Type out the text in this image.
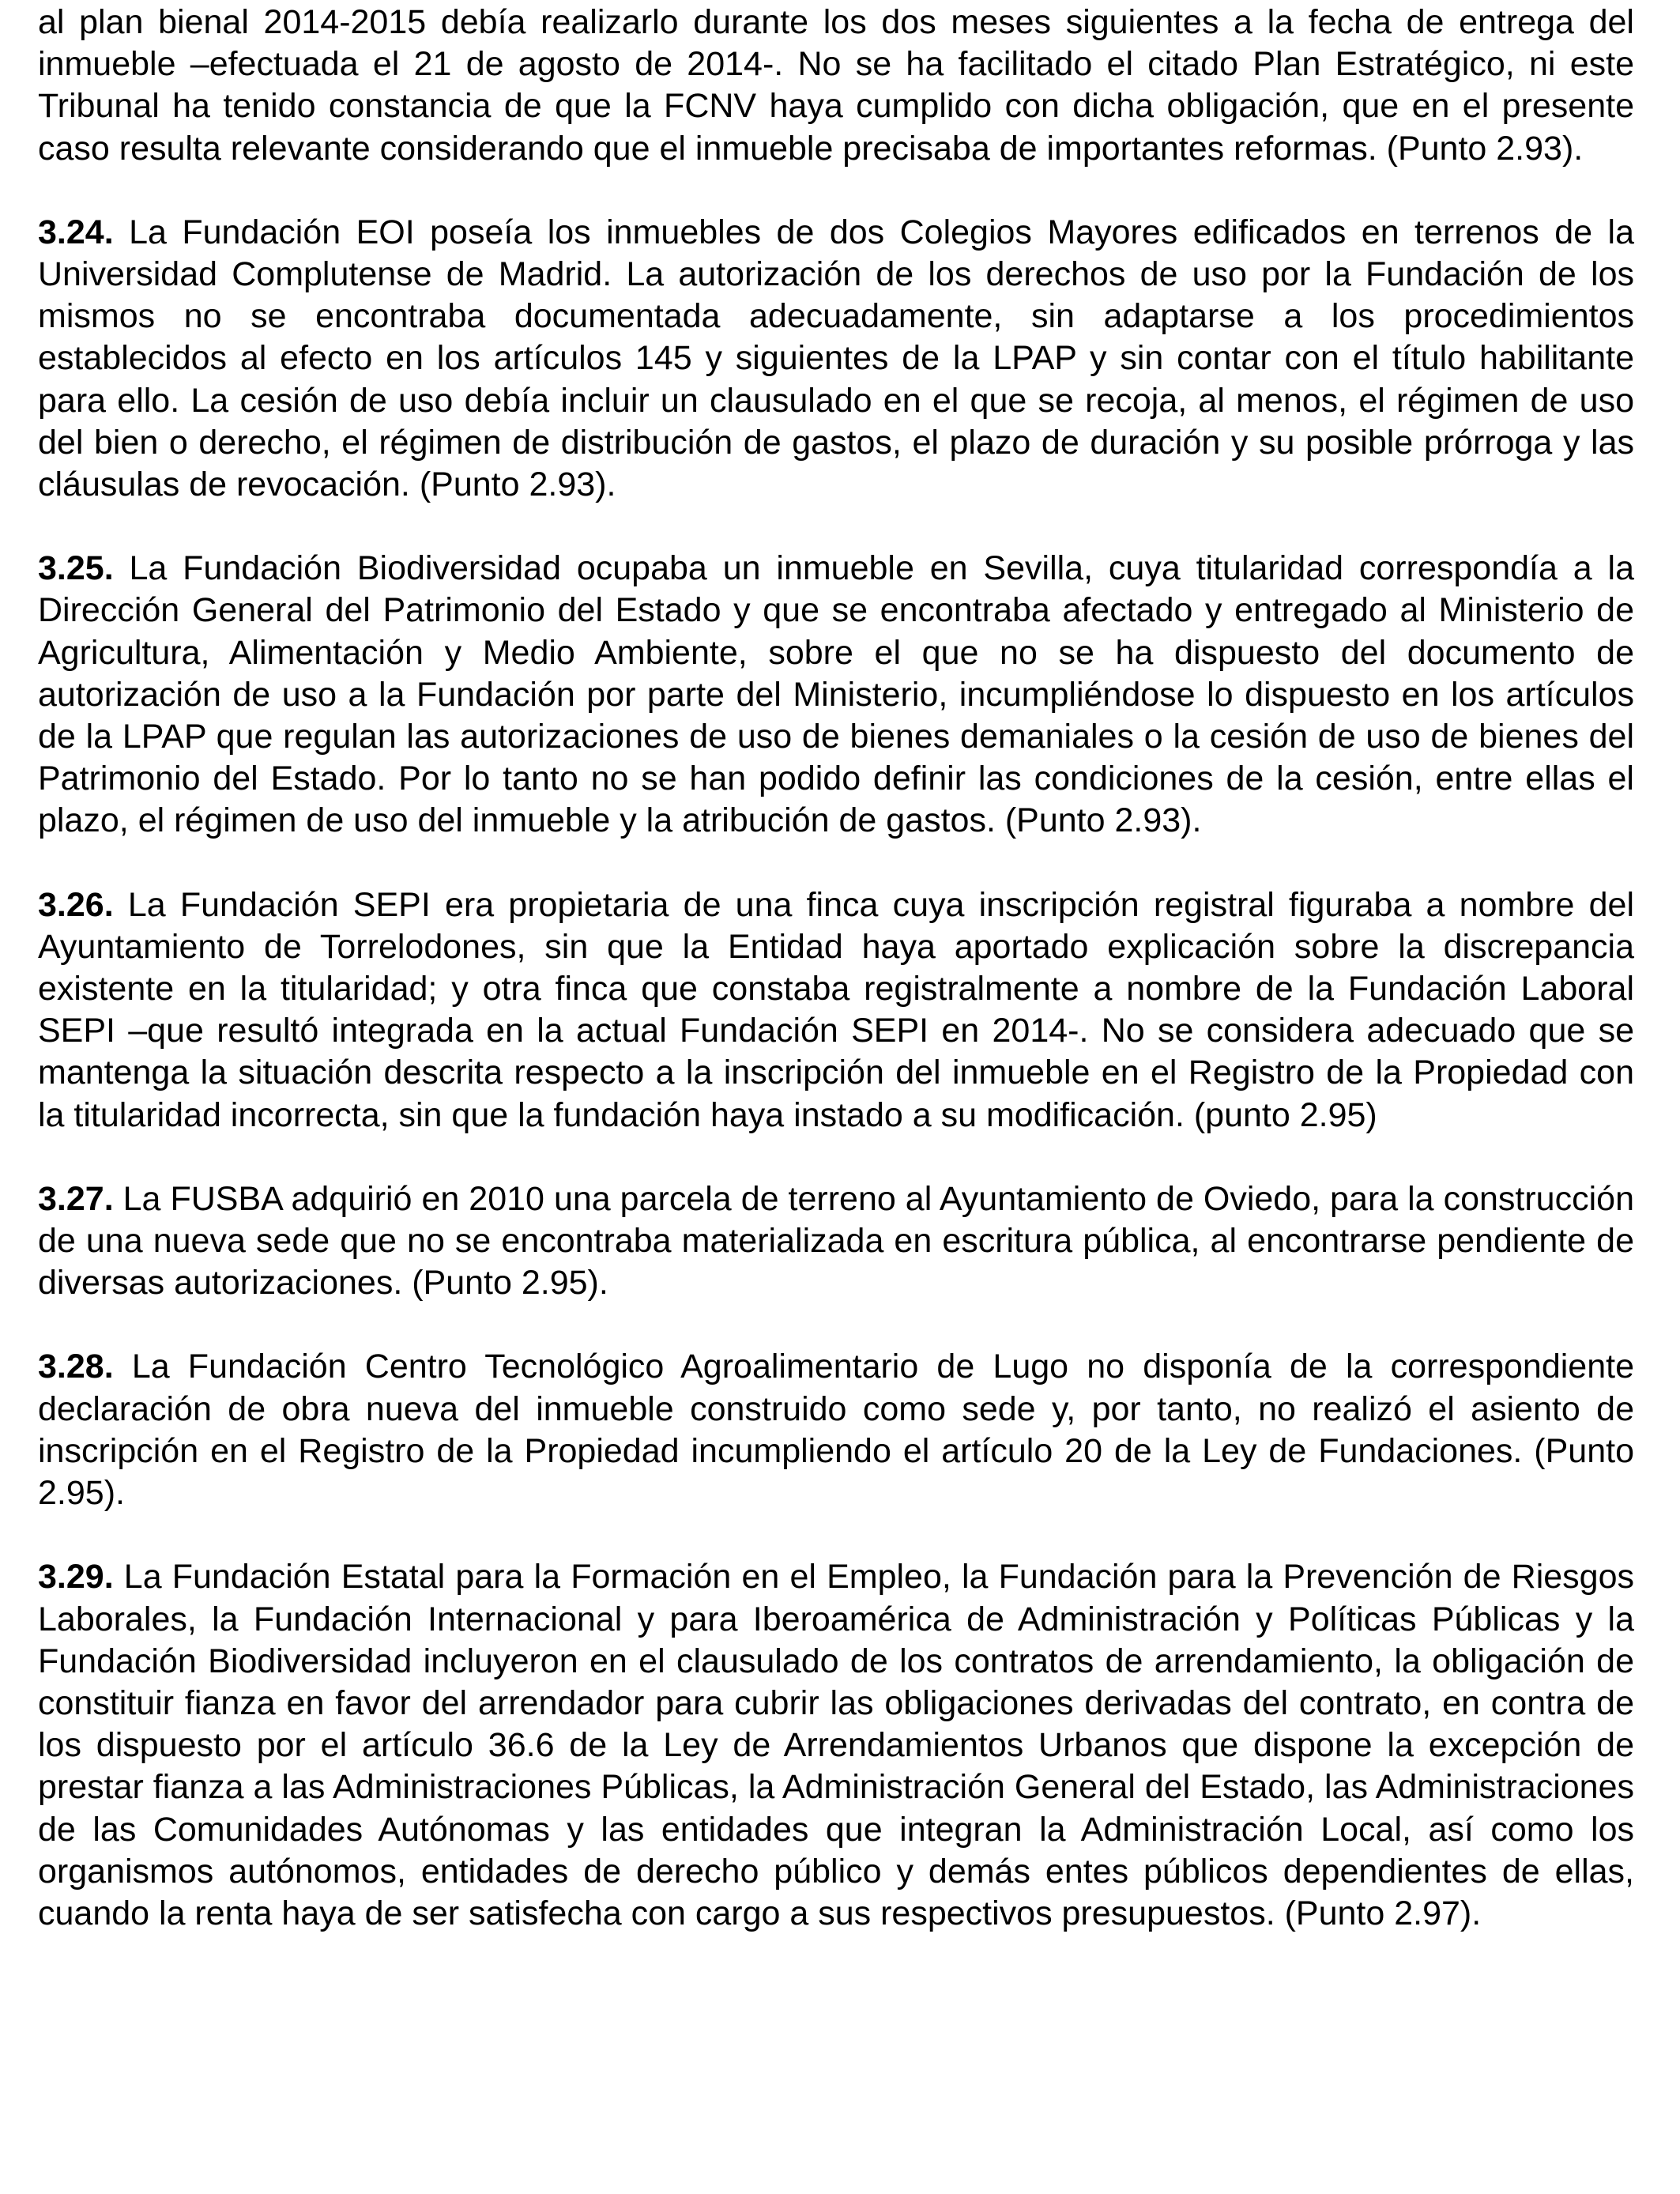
al plan bienal 2014-2015 debía realizarlo durante los dos meses siguientes a la fecha de entrega del inmueble –efectuada el 21 de agosto de 2014-. No se ha facilitado el citado Plan Estratégico, ni este Tribunal ha tenido constancia de que la FCNV haya cumplido con dicha obligación, que en el presente caso resulta relevante considerando que el inmueble precisaba de importantes reformas. (Punto 2.93).

3.24. La Fundación EOI poseía los inmuebles de dos Colegios Mayores edificados en terrenos de la Universidad Complutense de Madrid. La autorización de los derechos de uso por la Fundación de los mismos no se encontraba documentada adecuadamente, sin adaptarse a los procedimientos establecidos al efecto en los artículos 145 y siguientes de la LPAP y sin contar con el título habilitante para ello. La cesión de uso debía incluir un clausulado en el que se recoja, al menos, el régimen de uso del bien o derecho, el régimen de distribución de gastos, el plazo de duración y su posible prórroga y las cláusulas de revocación. (Punto 2.93).

3.25. La Fundación Biodiversidad ocupaba un inmueble en Sevilla, cuya titularidad correspondía a la Dirección General del Patrimonio del Estado y que se encontraba afectado y entregado al Ministerio de Agricultura, Alimentación y Medio Ambiente, sobre el que no se ha dispuesto del documento de autorización de uso a la Fundación por parte del Ministerio, incumpliéndose lo dispuesto en los artículos de la LPAP que regulan las autorizaciones de uso de bienes demaniales o la cesión de uso de bienes del Patrimonio del Estado. Por lo tanto no se han podido definir las condiciones de la cesión, entre ellas el plazo, el régimen de uso del inmueble y la atribución de gastos. (Punto 2.93).

3.26. La Fundación SEPI era propietaria de una finca cuya inscripción registral figuraba a nombre del Ayuntamiento de Torrelodones, sin que la Entidad haya aportado explicación sobre la discrepancia existente en la titularidad; y otra finca que constaba registralmente a nombre de la Fundación Laboral SEPI –que resultó integrada en la actual Fundación SEPI en 2014-. No se considera adecuado que se mantenga la situación descrita respecto a la inscripción del inmueble en el Registro de la Propiedad con la titularidad incorrecta, sin que la fundación haya instado a su modificación. (punto 2.95)

3.27. La FUSBA adquirió en 2010 una parcela de terreno al Ayuntamiento de Oviedo, para la construcción de una nueva sede que no se encontraba materializada en escritura pública, al encontrarse pendiente de diversas autorizaciones. (Punto 2.95).

3.28. La Fundación Centro Tecnológico Agroalimentario de Lugo no disponía de la correspondiente declaración de obra nueva del inmueble construido como sede y, por tanto, no realizó el asiento de inscripción en el Registro de la Propiedad incumpliendo el artículo 20 de la Ley de Fundaciones. (Punto 2.95).

3.29. La Fundación Estatal para la Formación en el Empleo, la Fundación para la Prevención de Riesgos Laborales, la Fundación Internacional y para Iberoamérica de Administración y Políticas Públicas y la Fundación Biodiversidad incluyeron en el clausulado de los contratos de arrendamiento, la obligación de constituir fianza en favor del arrendador para cubrir las obligaciones derivadas del contrato, en contra de los dispuesto por el artículo 36.6 de la Ley de Arrendamientos Urbanos que dispone la excepción de prestar fianza a las Administraciones Públicas, la Administración General del Estado, las Administraciones de las Comunidades Autónomas y las entidades que integran la Administración Local, así como los organismos autónomos, entidades de derecho público y demás entes públicos dependientes de ellas, cuando la renta haya de ser satisfecha con cargo a sus respectivos presupuestos. (Punto 2.97).
